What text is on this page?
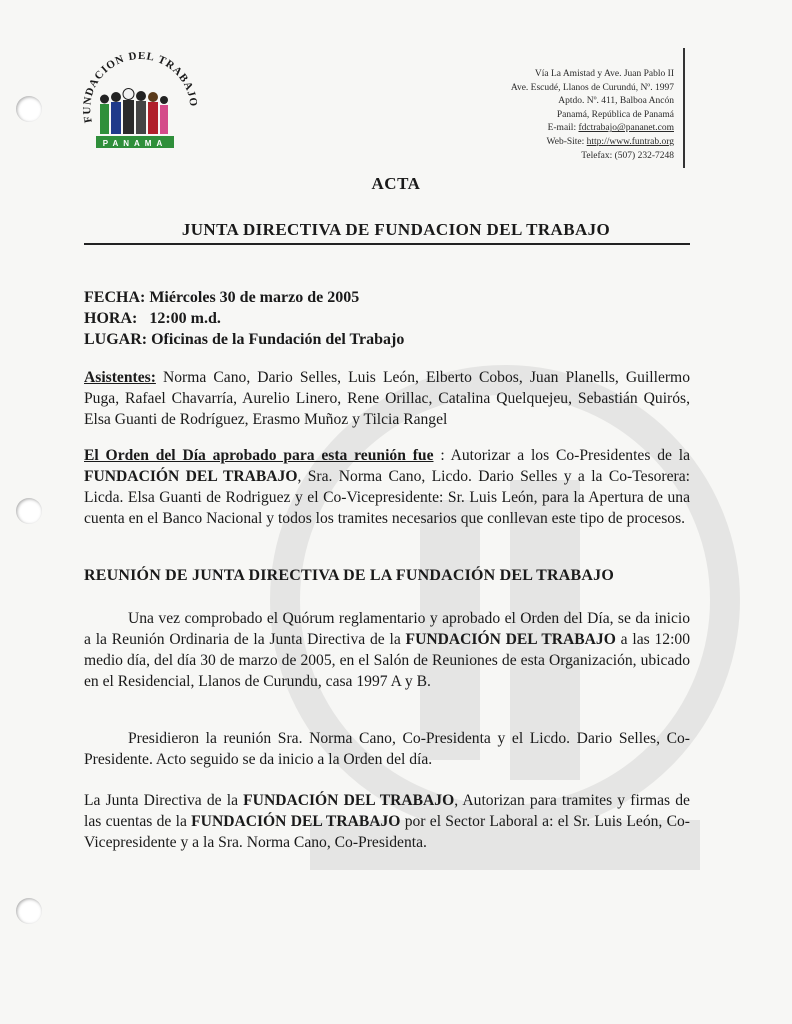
FUNDACION DEL TRABAJO
PANAMA
Vía La Amistad y Ave. Juan Pablo II
Ave. Escudé, Llanos de Curundú, Nº. 1997
Aptdo. Nº. 411, Balboa Ancón
Panamá, República de Panamá
E-mail: fdctrabajo@pananet.com
Web-Site: http://www.funtrab.org
Telefax: (507) 232-7248
ACTA
JUNTA DIRECTIVA DE FUNDACION DEL TRABAJO
FECHA: Miércoles 30 de marzo de 2005
HORA: 12:00 m.d.
LUGAR: Oficinas de la Fundación del Trabajo
Asistentes: Norma Cano, Dario Selles, Luis León, Elberto Cobos, Juan Planells, Guillermo Puga, Rafael Chavarría, Aurelio Linero, Rene Orillac, Catalina Quelquejeu, Sebastián Quirós, Elsa Guanti de Rodríguez, Erasmo Muñoz y Tilcia Rangel
El Orden del Día aprobado para esta reunión fue : Autorizar a los Co-Presidentes de la FUNDACIÓN DEL TRABAJO, Sra. Norma Cano, Licdo. Dario Selles y a la Co-Tesorera: Licda. Elsa Guanti de Rodriguez y el Co-Vicepresidente: Sr. Luis León, para la Apertura de una cuenta en el Banco Nacional y todos los tramites necesarios que conllevan este tipo de procesos.
REUNIÓN DE JUNTA DIRECTIVA DE LA FUNDACIÓN DEL TRABAJO
Una vez comprobado el Quórum reglamentario y aprobado el Orden del Día, se da inicio a la Reunión Ordinaria de la Junta Directiva de la FUNDACIÓN DEL TRABAJO a las 12:00 medio día, del día 30 de marzo de 2005, en el Salón de Reuniones de esta Organización, ubicado en el Residencial, Llanos de Curundu, casa 1997 A y B.
Presidieron la reunión Sra. Norma Cano, Co-Presidenta y el Licdo. Dario Selles, Co-Presidente. Acto seguido se da inicio a la Orden del día.
La Junta Directiva de la FUNDACIÓN DEL TRABAJO, Autorizan para tramites y firmas de las cuentas de la FUNDACIÓN DEL TRABAJO por el Sector Laboral a: el Sr. Luis León, Co-Vicepresidente y a la Sra. Norma Cano, Co-Presidenta.
